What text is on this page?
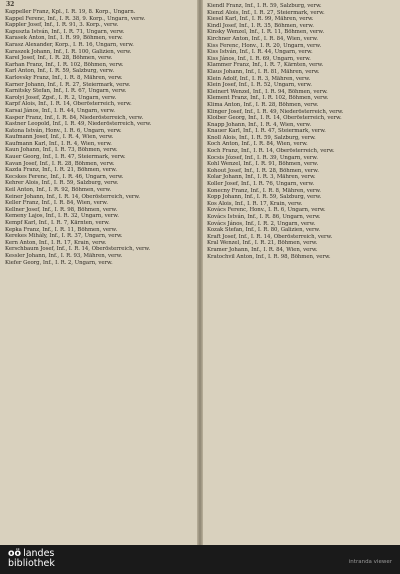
32

Kappeller Franz, Kpl., I. R. 19, 8. Korp., Ungarn.

Kappel Ferenc, Inf., I. R. 38, 9. Korp., Ungarn, verw.

Kappler Josef, Inf., I. R. 91, 3. Korp., verw.

Kapuszta István, Inf., I. R. 71, Ungarn, verw.

Karasek Anton, Inf., I. R. 99, Böhmen, verw.

Karasz Alexander, Korp., I. R. 16, Ungarn, verw.

Karaszek Johann, Inf., I. R. 100, Galizien, verw.

Karel Josef, Inf., I. R. 28, Böhmen, verw.

Karhan Franz, Inf., I. R. 102, Böhmen, verw.

Karl Anton, Inf., I. R. 59, Salzburg, verw.

Karlovsky Franz, Inf., I. R. 8, Mähren, verw.

Karner Johann, Inf., I. R. 27, Steiermark, verw.

Karnitsky Stefan, Inf., I. R. 67, Ungarn, verw.

Karolyi Josef, Zgsf., I. R. 2, Ungarn, verw.

Karpf Alois, Inf., I. R. 14, Oberösterreich, verw.

Karsai János, Inf., I. R. 44, Ungarn, verw.

Kasper Franz, Inf., I. R. 84, Niederösterreich, verw.

Kastner Leopold, Inf., I. R. 49, Niederösterreich, verw.

Katona István, Honv., I. R. 6, Ungarn, verw.

Kaufmann Josef, Inf., I. R. 4, Wien, verw.

Kaufmann Karl, Inf., I. R. 4, Wien, verw.

Kaun Johann, Inf., I. R. 73, Böhmen, verw.

Kauer Georg, Inf., I. R. 47, Steiermark, verw.

Kavan Josef, Inf., I. R. 28, Böhmen, verw.

Kazda Franz, Inf., I. R. 21, Böhmen, verw.

Kecskes Ferenc, Inf., I. R. 46, Ungarn, verw.

Kehrer Alois, Inf., I. R. 59, Salzburg, verw.

Keil Anton, Inf., I. R. 92, Böhmen, verw.

Keiner Johann, Inf., I. R. 14, Oberösterreich, verw.

Keller Franz, Inf., I. R. 84, Wien, verw.

Kellner Josef, Inf., I. R. 98, Böhmen, verw.

Kemeny Lajos, Inf., I. R. 32, Ungarn, verw.

Kempf Karl, Inf., I. R. 7, Kärnten, verw.

Kepka Franz, Inf., I. R. 11, Böhmen, verw.

Kerekes Mihály, Inf., I. R. 37, Ungarn, verw.

Kern Anton, Inf., I. R. 17, Krain, verw.

Kerschbaum Josef, Inf., I. R. 14, Oberösterreich, verw.

Kessler Johann, Inf., I. R. 93, Mähren, verw.

Kiefer Georg, Inf., I. R. 2, Ungarn, verw.

Kiendl Franz, Inf., I. R. 59, Salzburg, verw.

Kienzl Alois, Inf., I. R. 27, Steiermark, verw.

Kiesel Karl, Inf., I. R. 99, Mähren, verw.

Kindl Josef, Inf., I. R. 35, Böhmen, verw.

Kinsky Wenzel, Inf., I. R. 11, Böhmen, verw.

Kirchner Anton, Inf., I. R. 84, Wien, verw.

Kiss Ferenc, Honv., I. R. 20, Ungarn, verw.

Kiss István, Inf., I. R. 44, Ungarn, verw.

Kiss János, Inf., I. R. 69, Ungarn, verw.

Klammer Franz, Inf., I. R. 7, Kärnten, verw.

Klaus Johann, Inf., I. R. 81, Mähren, verw.

Klein Adolf, Inf., I. R. 3, Mähren, verw.

Klein Josef, Inf., I. R. 52, Ungarn, verw.

Kleinert Wenzel, Inf., I. R. 94, Böhmen, verw.

Klement Franz, Inf., I. R. 102, Böhmen, verw.

Klima Anton, Inf., I. R. 28, Böhmen, verw.

Klinger Josef, Inf., I. R. 49, Niederösterreich, verw.

Kloiber Georg, Inf., I. R. 14, Oberösterreich, verw.

Knapp Johann, Inf., I. R. 4, Wien, verw.

Knauer Karl, Inf., I. R. 47, Steiermark, verw.

Knoll Alois, Inf., I. R. 59, Salzburg, verw.

Koch Anton, Inf., I. R. 84, Wien, verw.

Koch Franz, Inf., I. R. 14, Oberösterreich, verw.

Kocsis József, Inf., I. R. 39, Ungarn, verw.

Kohl Wenzel, Inf., I. R. 91, Böhmen, verw.

Kohout Josef, Inf., I. R. 28, Böhmen, verw.

Kolar Johann, Inf., I. R. 3, Mähren, verw.

Koller Josef, Inf., I. R. 76, Ungarn, verw.

Konecny Franz, Inf., I. R. 8, Mähren, verw.

Kopp Johann, Inf., I. R. 59, Salzburg, verw.

Kos Alois, Inf., I. R. 17, Krain, verw.

Kovács Ferenc, Honv., I. R. 6, Ungarn, verw.

Kovács István, Inf., I. R. 86, Ungarn, verw.

Kovács János, Inf., I. R. 2, Ungarn, verw.

Kozak Stefan, Inf., I. R. 80, Galizien, verw.

Kraft Josef, Inf., I. R. 14, Oberösterreich, verw.

Kral Wenzel, Inf., I. R. 21, Böhmen, verw.

Kramer Johann, Inf., I. R. 84, Wien, verw.

Kratochvil Anton, Inf., I. R. 98, Böhmen, verw.

oö landes
bibliothek	intranda viewer
